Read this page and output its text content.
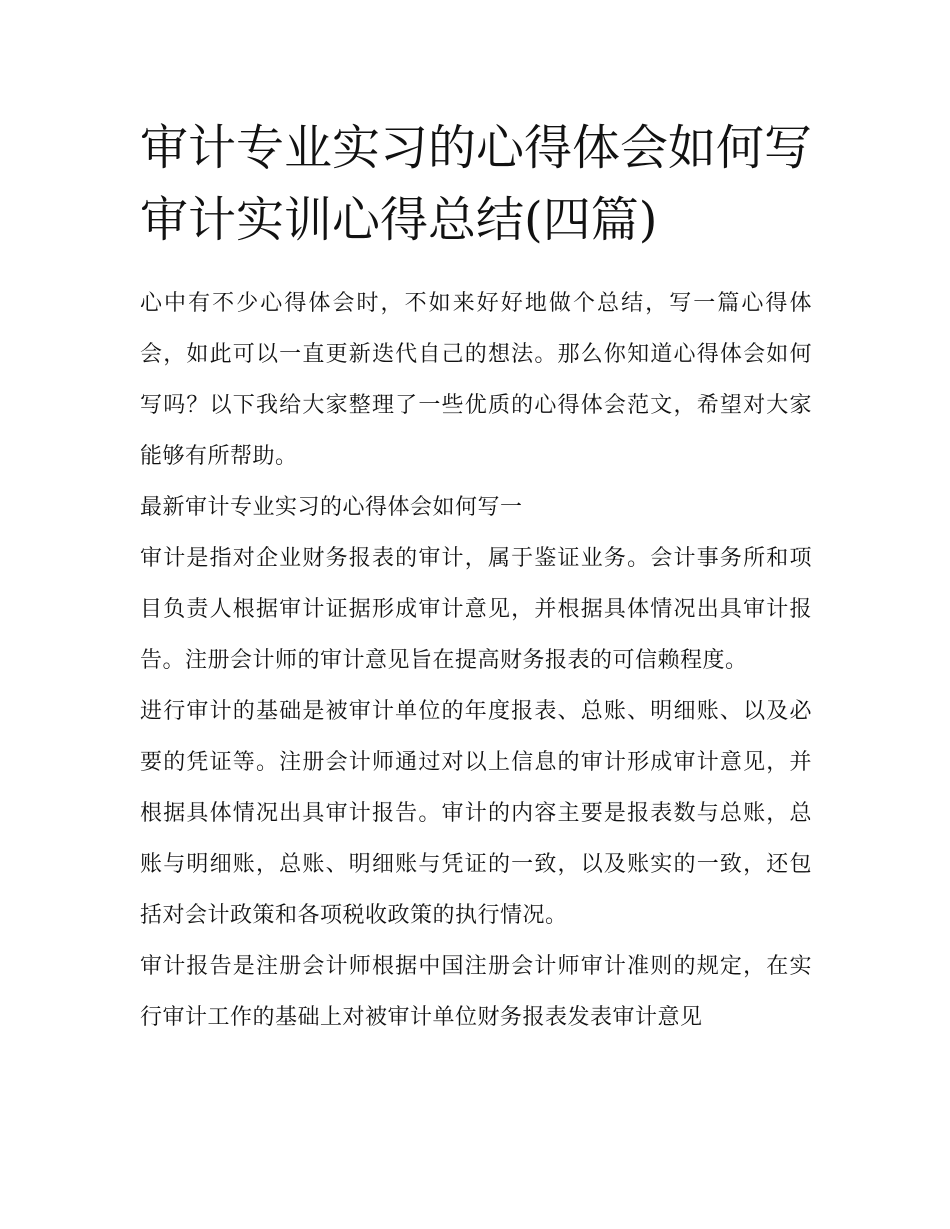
审计专业实习的心得体会如何写 审计实训心得总结(四篇)

心中有不少心得体会时，不如来好好地做个总结，写一篇心得体会，如此可以一直更新迭代自己的想法。那么你知道心得体会如何写吗？以下我给大家整理了一些优质的心得体会范文，希望对大家能够有所帮助。

最新审计专业实习的心得体会如何写一

审计是指对企业财务报表的审计，属于鉴证业务。会计事务所和项目负责人根据审计证据形成审计意见，并根据具体情况出具审计报告。注册会计师的审计意见旨在提高财务报表的可信赖程度。

进行审计的基础是被审计单位的年度报表、总账、明细账、以及必要的凭证等。注册会计师通过对以上信息的审计形成审计意见，并根据具体情况出具审计报告。审计的内容主要是报表数与总账，总账与明细账，总账、明细账与凭证的一致，以及账实的一致，还包括对会计政策和各项税收政策的执行情况。

审计报告是注册会计师根据中国注册会计师审计准则的规定，在实行审计工作的基础上对被审计单位财务报表发表审计意见
